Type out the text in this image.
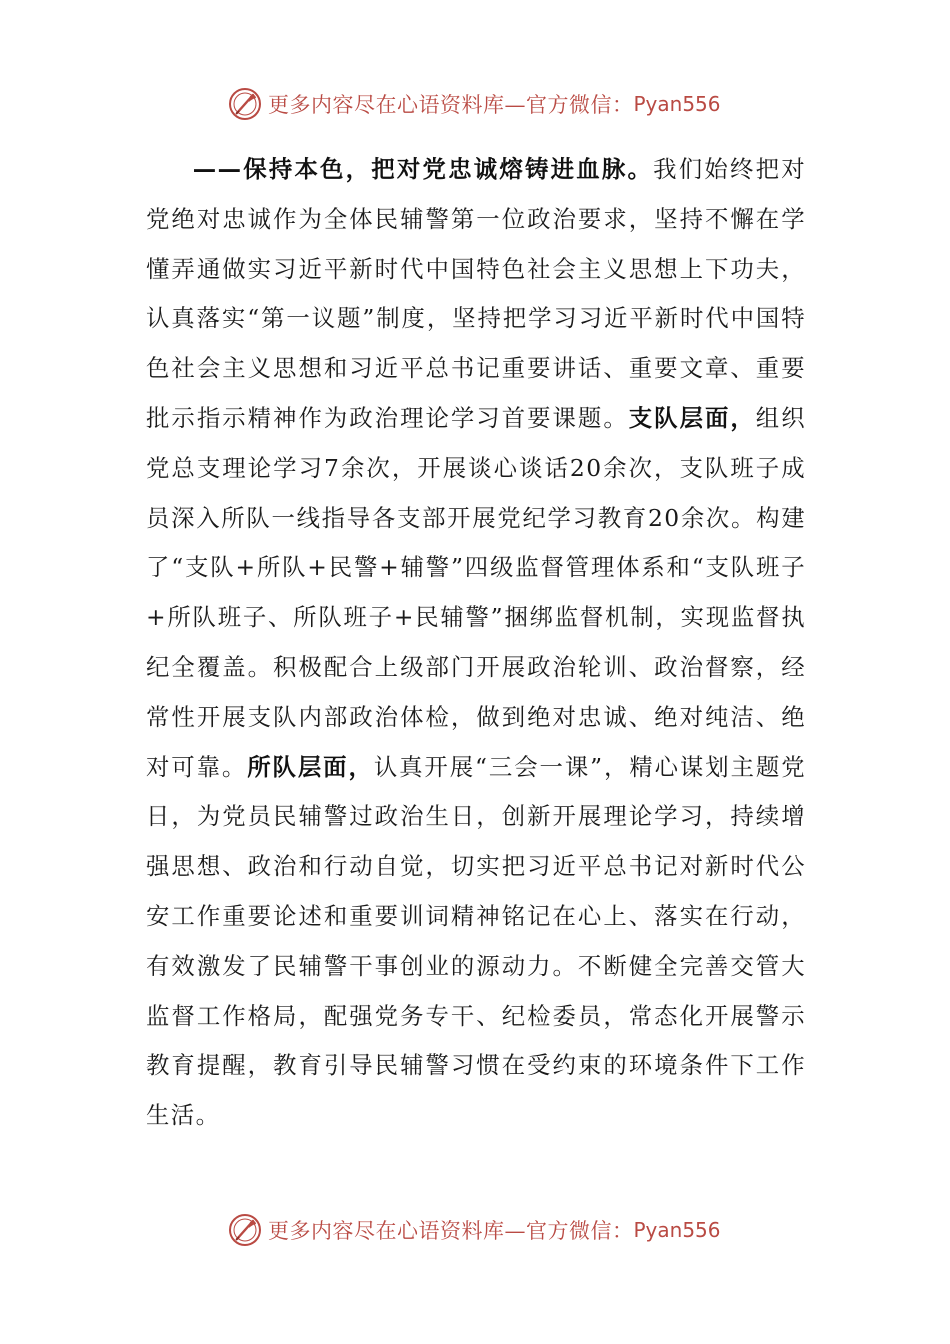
更多内容尽在心语资料库—官方微信： Pyan556

——保持本色，把对党忠诚熔铸进血脉。我们始终把对党绝对忠诚作为全体民辅警第一位政治要求，坚持不懈在学懂弄通做实习近平新时代中国特色社会主义思想上下功夫，认真落实“第一议题”制度，坚持把学习习近平新时代中国特色社会主义思想和习近平总书记重要讲话、重要文章、重要批示指示精神作为政治理论学习首要课题。支队层面，组织党总支理论学习7余次，开展谈心谈话20余次，支队班子成员深入所队一线指导各支部开展党纪学习教育20余次。构建了“支队+所队+民警+辅警”四级监督管理体系和“支队班子+所队班子、所队班子+民辅警”捆绑监督机制，实现监督执纪全覆盖。积极配合上级部门开展政治轮训、政治督察，经常性开展支队内部政治体检，做到绝对忠诚、绝对纯洁、绝对可靠。所队层面，认真开展“三会一课”，精心谋划主题党日，为党员民辅警过政治生日，创新开展理论学习，持续增强思想、政治和行动自觉，切实把习近平总书记对新时代公安工作重要论述和重要训词精神铭记在心上、落实在行动，有效激发了民辅警干事创业的源动力。不断健全完善交管大监督工作格局，配强党务专干、纪检委员，常态化开展警示教育提醒，教育引导民辅警习惯在受约束的环境条件下工作生活。

更多内容尽在心语资料库—官方微信： Pyan556
